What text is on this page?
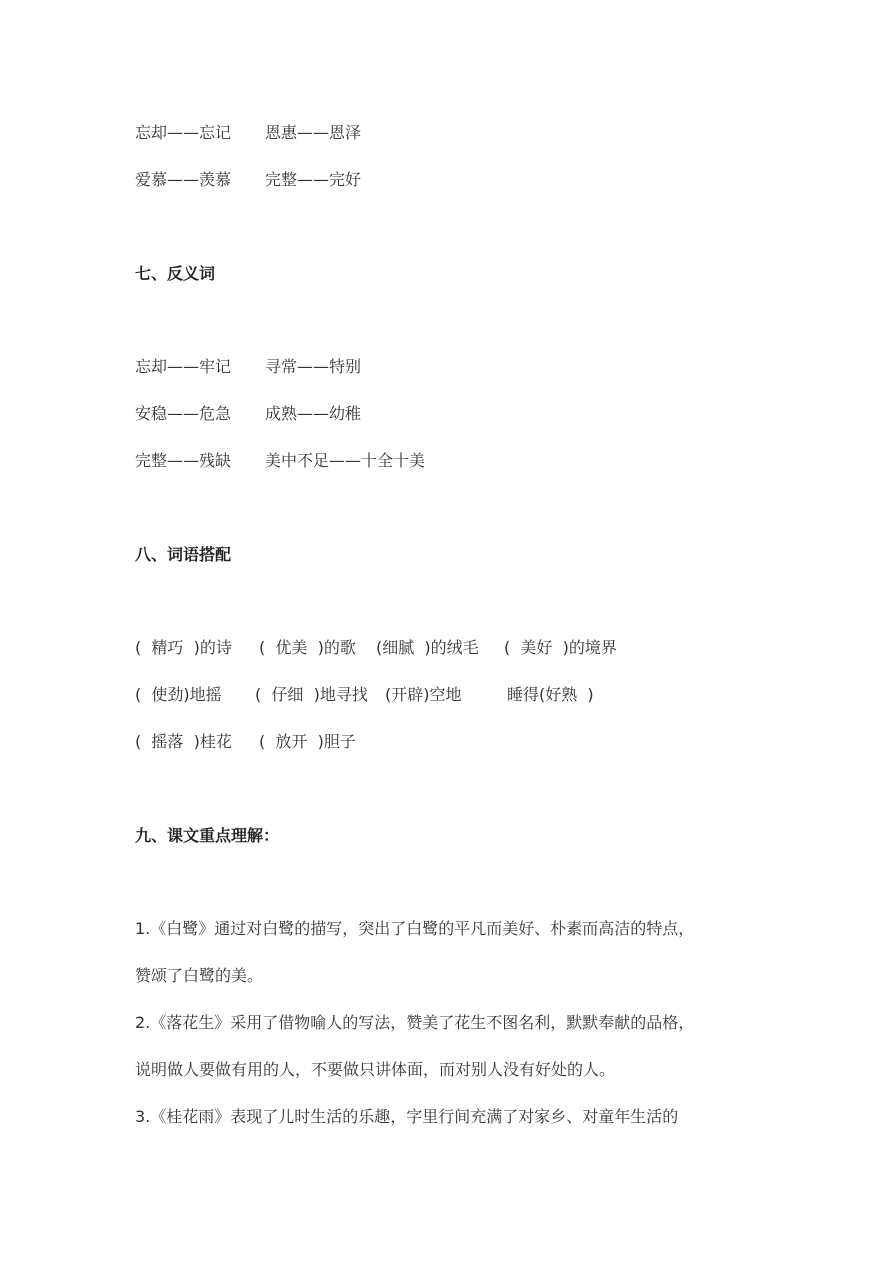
忘却——忘记 恩惠——恩泽
爱慕——羡慕 完整——完好
七、反义词
忘却——牢记 寻常——特别
安稳——危急 成熟——幼稚
完整——残缺 美中不足——十全十美
八、词语搭配
(  精巧  )的诗 (  优美  )的歌 (细腻  )的绒毛 (  美好  )的境界
(  使劲)地摇 (  仔细  )地寻找 (开辟)空地	睡得(好熟  )
(  摇落  )桂花 (  放开  )胆子
九、课文重点理解：
1.《白鹭》通过对白鹭的描写，突出了白鹭的平凡而美好、朴素而高洁的特点，
赞颂了白鹭的美。
2.《落花生》采用了借物喻人的写法，赞美了花生不图名利，默默奉献的品格，
说明做人要做有用的人，不要做只讲体面，而对别人没有好处的人。
3.《桂花雨》表现了儿时生活的乐趣，字里行间充满了对家乡、对童年生活的
